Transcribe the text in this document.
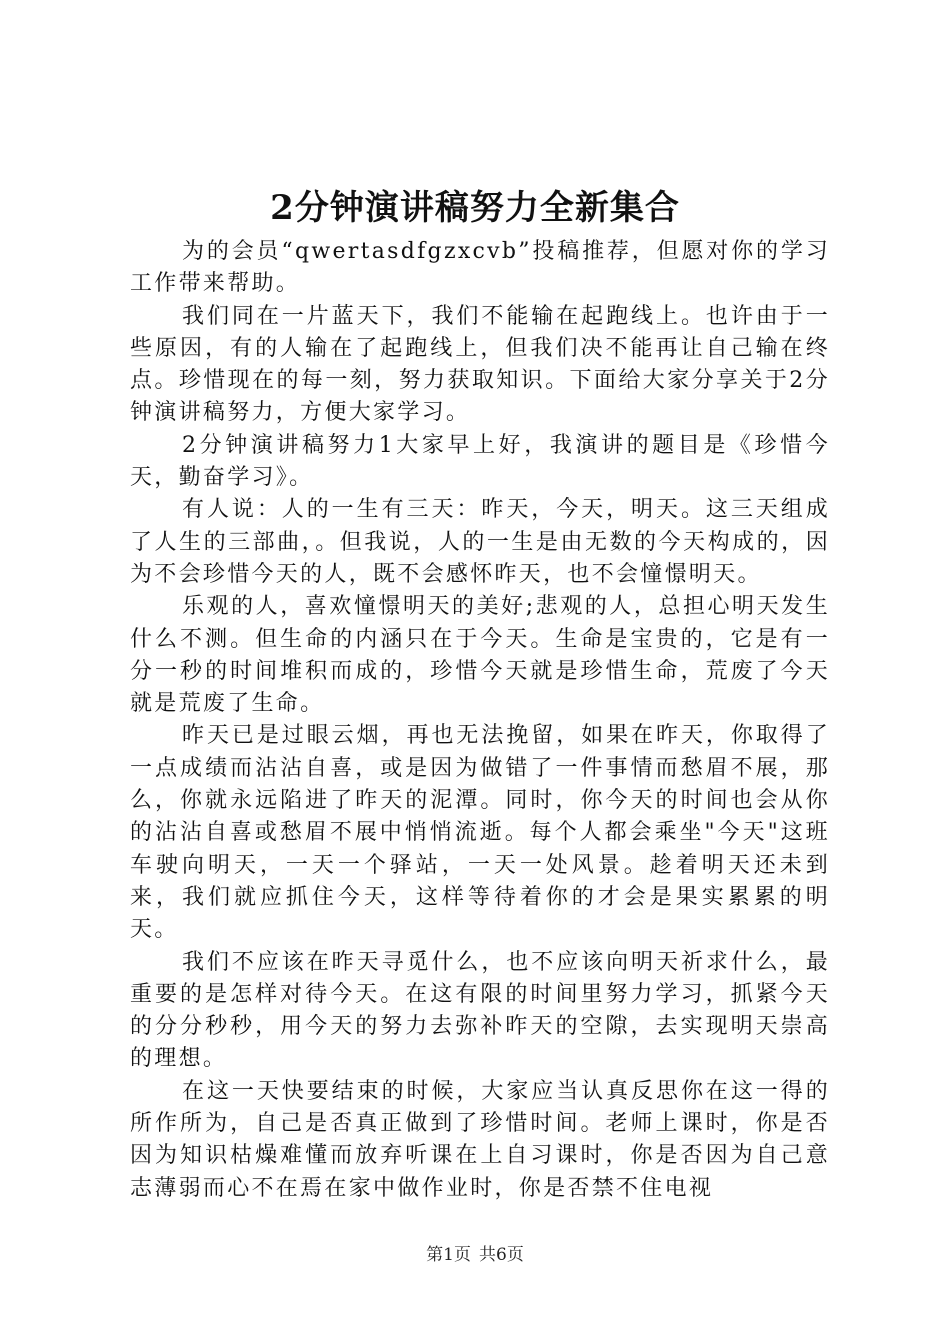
2分钟演讲稿努力全新集合

为的会员“qwertasdfgzxcvb”投稿推荐，但愿对你的学习工作带来帮助。

我们同在一片蓝天下，我们不能输在起跑线上。也许由于一些原因，有的人输在了起跑线上，但我们决不能再让自己输在终点。珍惜现在的每一刻，努力获取知识。下面给大家分享关于2分钟演讲稿努力，方便大家学习。

2分钟演讲稿努力1大家早上好，我演讲的题目是《珍惜今天，勤奋学习》。

有人说：人的一生有三天：昨天，今天，明天。这三天组成了人生的三部曲，。但我说，人的一生是由无数的今天构成的，因为不会珍惜今天的人，既不会感怀昨天，也不会憧憬明天。

乐观的人，喜欢憧憬明天的美好;悲观的人，总担心明天发生什么不测。但生命的内涵只在于今天。生命是宝贵的，它是有一分一秒的时间堆积而成的，珍惜今天就是珍惜生命，荒废了今天就是荒废了生命。

昨天已是过眼云烟，再也无法挽留，如果在昨天，你取得了一点成绩而沾沾自喜，或是因为做错了一件事情而愁眉不展，那么，你就永远陷进了昨天的泥潭。同时，你今天的时间也会从你的沾沾自喜或愁眉不展中悄悄流逝。每个人都会乘坐"今天"这班车驶向明天，一天一个驿站，一天一处风景。趁着明天还未到来，我们就应抓住今天，这样等待着你的才会是果实累累的明天。

我们不应该在昨天寻觅什么，也不应该向明天祈求什么，最重要的是怎样对待今天。在这有限的时间里努力学习，抓紧今天的分分秒秒，用今天的努力去弥补昨天的空隙，去实现明天崇高的理想。

在这一天快要结束的时候，大家应当认真反思你在这一得的所作所为，自己是否真正做到了珍惜时间。老师上课时，你是否因为知识枯燥难懂而放弃听课在上自习课时，你是否因为自己意志薄弱而心不在焉在家中做作业时，你是否禁不住电视

第1页 共6页
